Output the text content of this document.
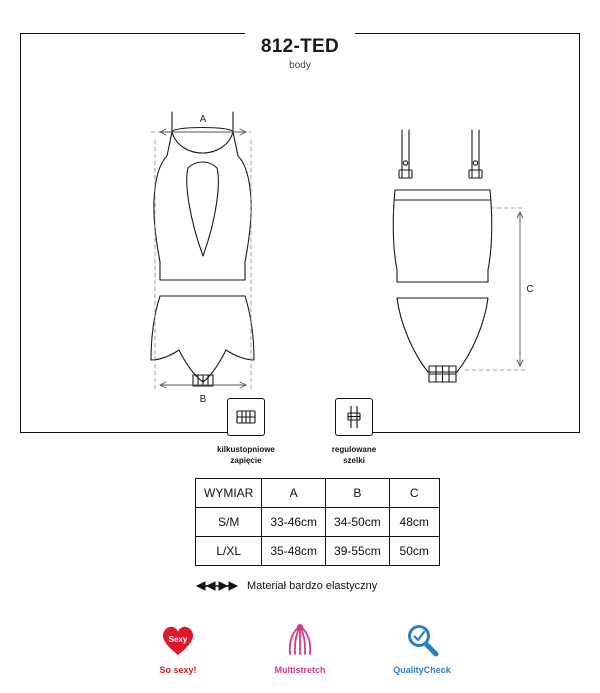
812-TED
body
A
B
C
kilkustopniowe
zapięcie
regulowane
szelki
WYMIAR	A	B	C
S/M	33-46cm	34-50cm	48cm
L/XL	35-48cm	39-55cm	50cm
Materiał bardzo elastyczny
Sexy
So sexy!	Multistretch	QualityCheck
